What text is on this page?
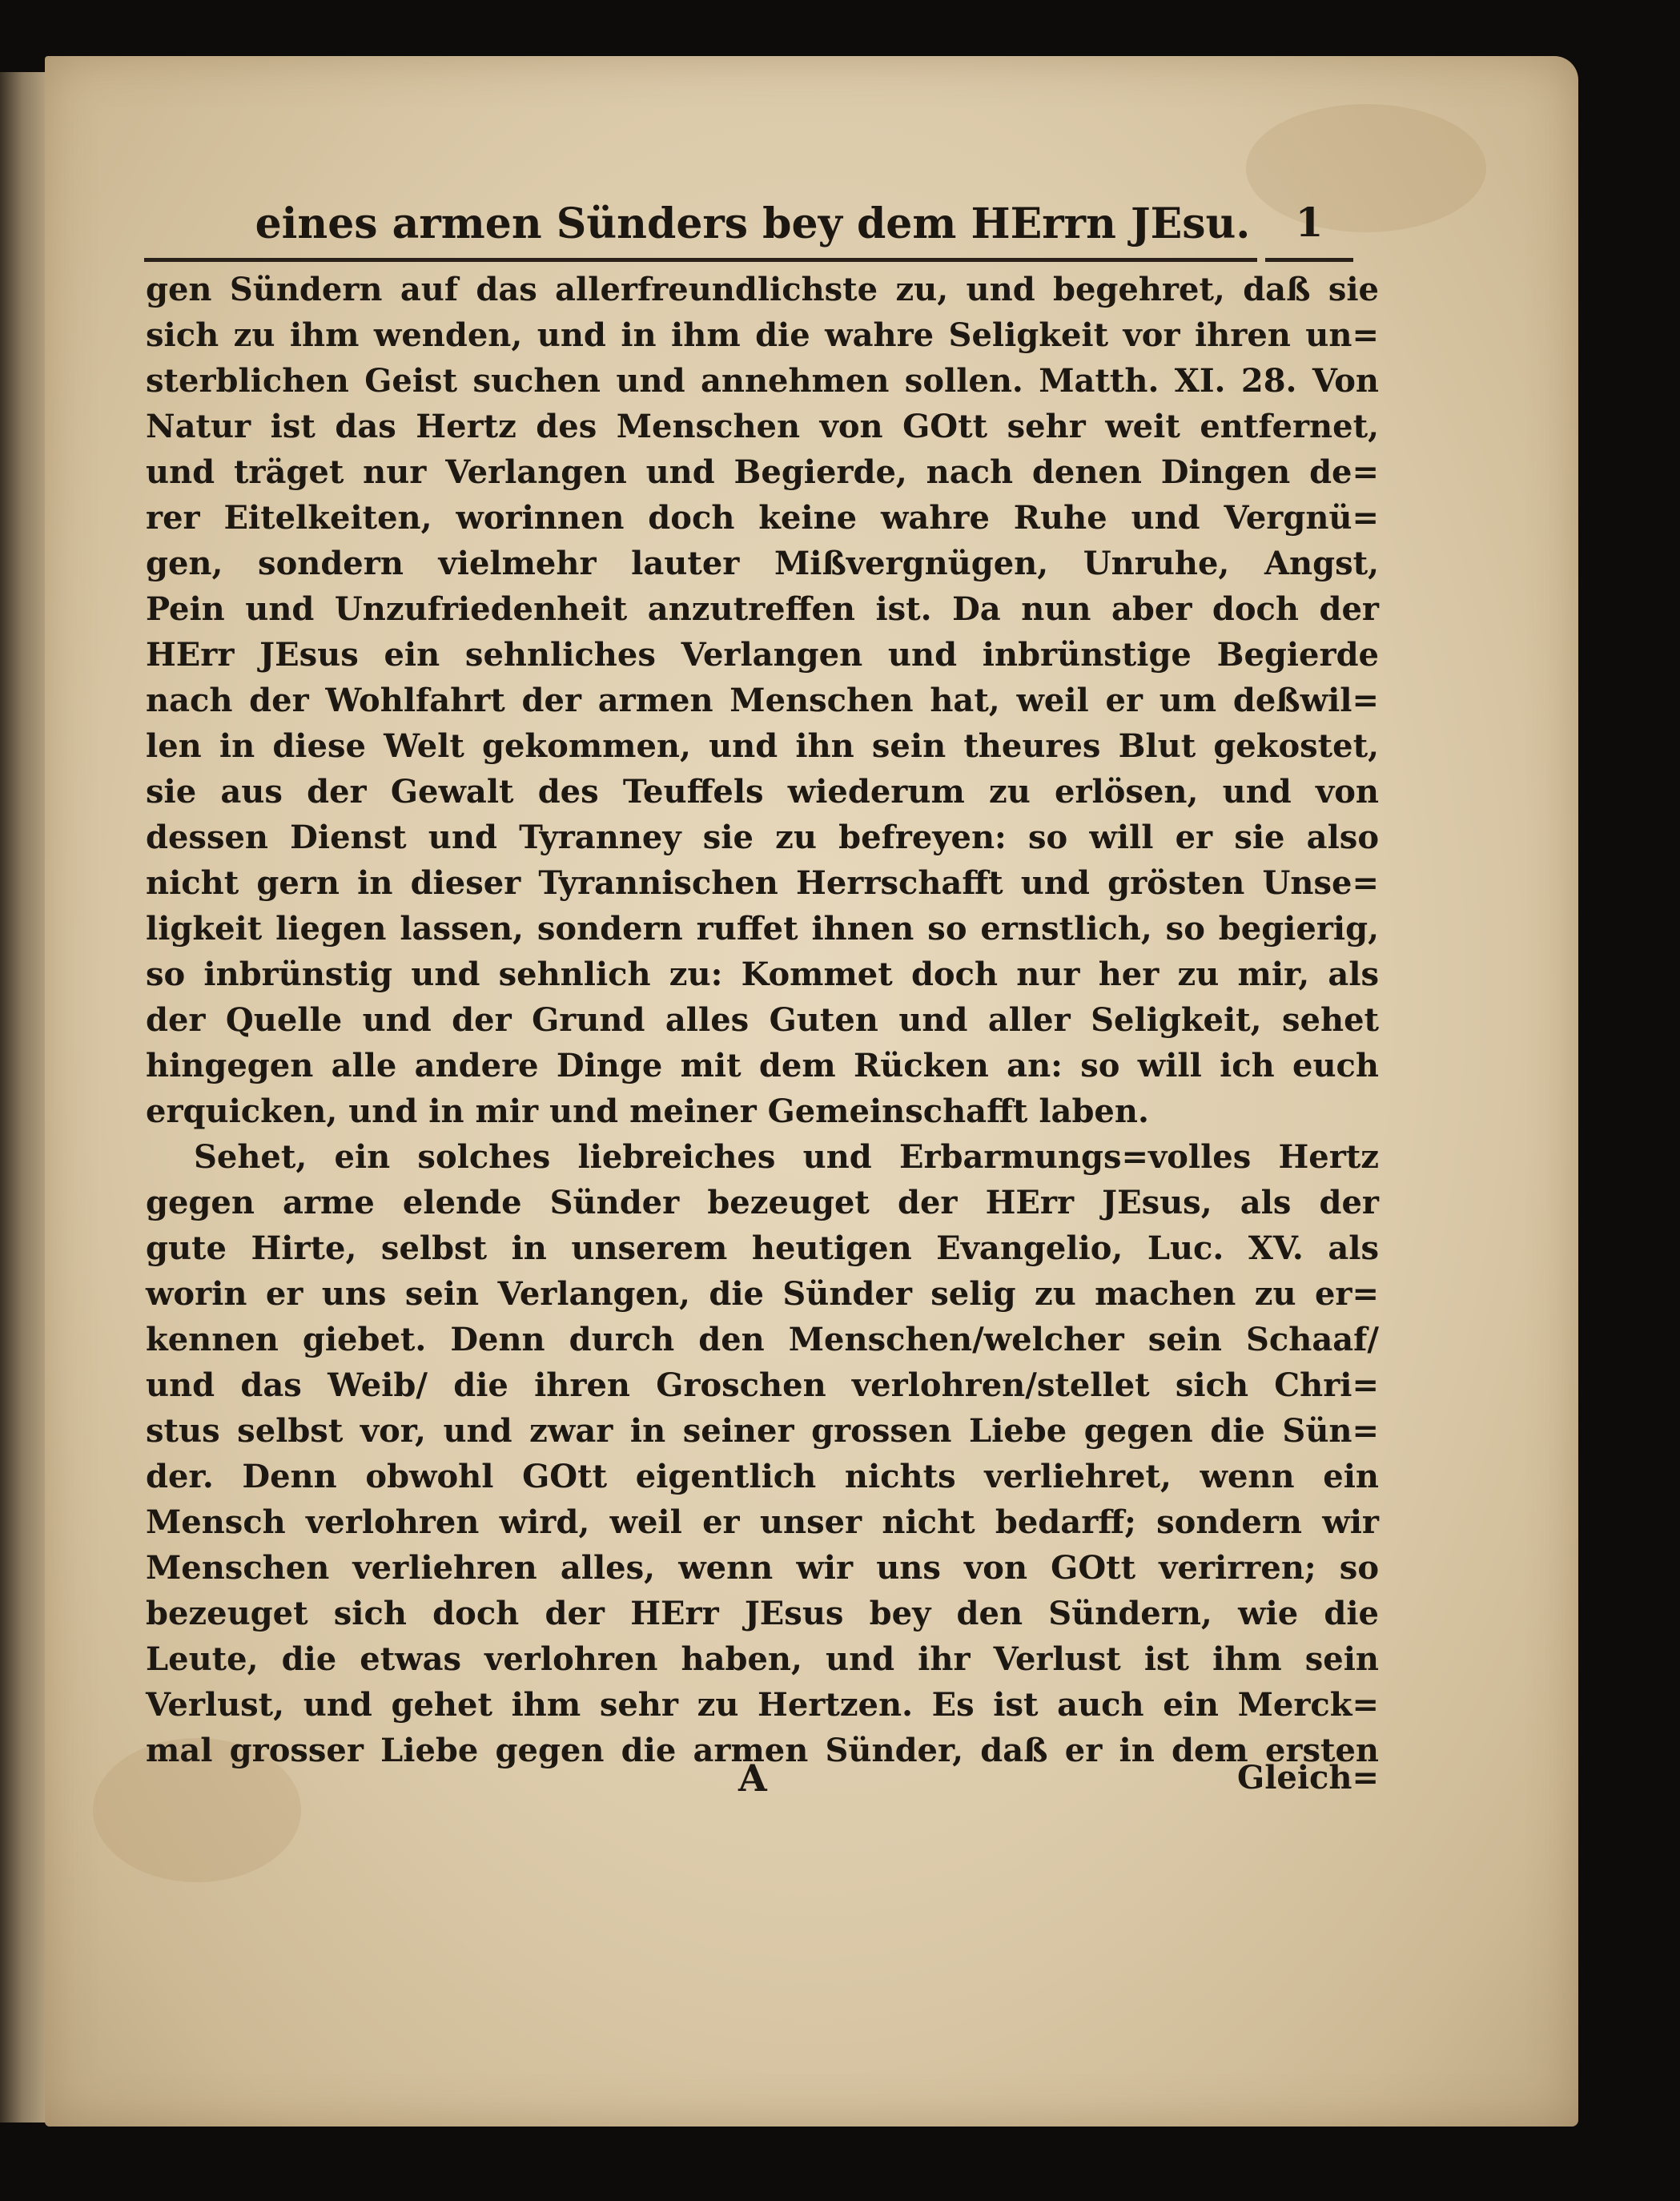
eines armen Sünders bey dem HErrn JEsu.	1
gen Sündern auf das allerfreundlichste zu, und begehret, daß sie
sich zu ihm wenden, und in ihm die wahre Seligkeit vor ihren un=
sterblichen Geist suchen und annehmen sollen. Matth. XI. 28. Von
Natur ist das Hertz des Menschen von GOtt sehr weit entfernet,
und träget nur Verlangen und Begierde, nach denen Dingen de=
rer Eitelkeiten, worinnen doch keine wahre Ruhe und Vergnü=
gen, sondern vielmehr lauter Mißvergnügen, Unruhe, Angst,
Pein und Unzufriedenheit anzutreffen ist. Da nun aber doch der
HErr JEsus ein sehnliches Verlangen und inbrünstige Begierde
nach der Wohlfahrt der armen Menschen hat, weil er um deßwil=
len in diese Welt gekommen, und ihn sein theures Blut gekostet,
sie aus der Gewalt des Teuffels wiederum zu erlösen, und von
dessen Dienst und Tyranney sie zu befreyen: so will er sie also
nicht gern in dieser Tyrannischen Herrschafft und grösten Unse=
ligkeit liegen lassen, sondern ruffet ihnen so ernstlich, so begierig,
so inbrünstig und sehnlich zu: Kommet doch nur her zu mir, als
der Quelle und der Grund alles Guten und aller Seligkeit, sehet
hingegen alle andere Dinge mit dem Rücken an: so will ich euch
erquicken, und in mir und meiner Gemeinschafft laben.
Sehet, ein solches liebreiches und Erbarmungs=volles Hertz
gegen arme elende Sünder bezeuget der HErr JEsus, als der
gute Hirte, selbst in unserem heutigen Evangelio, Luc. XV. als
worin er uns sein Verlangen, die Sünder selig zu machen zu er=
kennen giebet. Denn durch den Menschen/welcher sein Schaaf/
und das Weib/ die ihren Groschen verlohren/stellet sich Chri=
stus selbst vor, und zwar in seiner grossen Liebe gegen die Sün=
der. Denn obwohl GOtt eigentlich nichts verliehret, wenn ein
Mensch verlohren wird, weil er unser nicht bedarff; sondern wir
Menschen verliehren alles, wenn wir uns von GOtt verirren; so
bezeuget sich doch der HErr JEsus bey den Sündern, wie die
Leute, die etwas verlohren haben, und ihr Verlust ist ihm sein
Verlust, und gehet ihm sehr zu Hertzen. Es ist auch ein Merck=
mal grosser Liebe gegen die armen Sünder, daß er in dem ersten
A	Gleich=
